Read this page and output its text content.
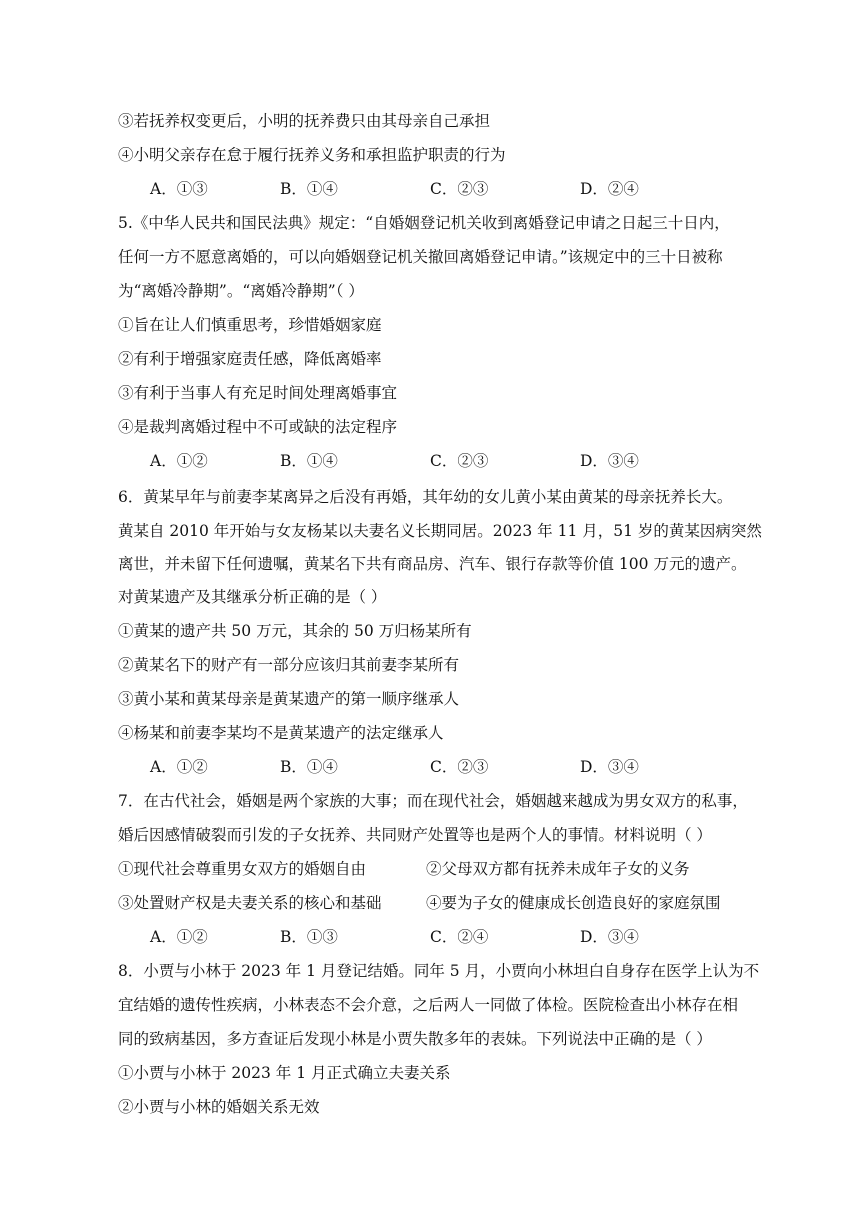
③若抚养权变更后，小明的抚养费只由其母亲自己承担
④小明父亲存在怠于履行抚养义务和承担监护职责的行为
A．①③	B．①④	C．②③	D．②④
5.《中华人民共和国民法典》规定：“自婚姻登记机关收到离婚登记申请之日起三十日内，
任何一方不愿意离婚的，可以向婚姻登记机关撤回离婚登记申请。”该规定中的三十日被称
为“离婚冷静期”。“离婚冷静期”（ ）
①旨在让人们慎重思考，珍惜婚姻家庭
②有利于增强家庭责任感，降低离婚率
③有利于当事人有充足时间处理离婚事宜
④是裁判离婚过程中不可或缺的法定程序
A．①②	B．①④	C．②③	D．③④
6．黄某早年与前妻李某离异之后没有再婚，其年幼的女儿黄小某由黄某的母亲抚养长大。
黄某自 2010 年开始与女友杨某以夫妻名义长期同居。2023 年 11 月，51 岁的黄某因病突然
离世，并未留下任何遗嘱，黄某名下共有商品房、汽车、银行存款等价值 100 万元的遗产。
对黄某遗产及其继承分析正确的是（ ）
①黄某的遗产共 50 万元，其余的 50 万归杨某所有
②黄某名下的财产有一部分应该归其前妻李某所有
③黄小某和黄某母亲是黄某遗产的第一顺序继承人
④杨某和前妻李某均不是黄某遗产的法定继承人
A．①②	B．①④	C．②③	D．③④
7．在古代社会，婚姻是两个家族的大事；而在现代社会，婚姻越来越成为男女双方的私事，
婚后因感情破裂而引发的子女抚养、共同财产处置等也是两个人的事情。材料说明（ ）
①现代社会尊重男女双方的婚姻自由	②父母双方都有抚养未成年子女的义务
③处置财产权是夫妻关系的核心和基础	④要为子女的健康成长创造良好的家庭氛围
A．①②	B．①③	C．②④	D．③④
8．小贾与小林于 2023 年 1 月登记结婚。同年 5 月，小贾向小林坦白自身存在医学上认为不
宜结婚的遗传性疾病，小林表态不会介意，之后两人一同做了体检。医院检查出小林存在相
同的致病基因，多方查证后发现小林是小贾失散多年的表妹。下列说法中正确的是（ ）
①小贾与小林于 2023 年 1 月正式确立夫妻关系
②小贾与小林的婚姻关系无效
